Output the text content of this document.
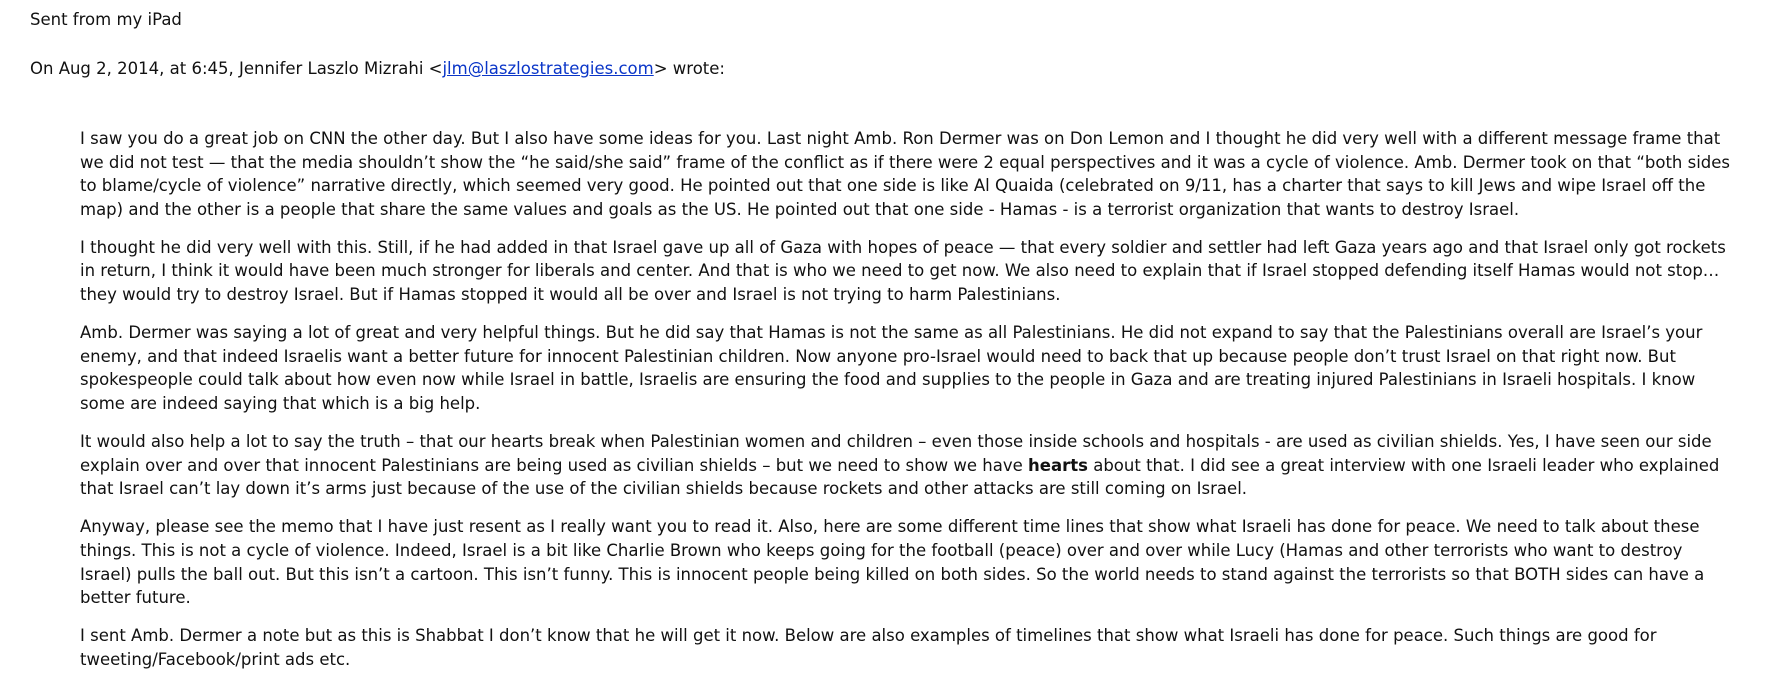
Sent from my iPad
On Aug 2, 2014, at 6:45, Jennifer Laszlo Mizrahi <jlm@laszlostrategies.com> wrote:

I saw you do a great job on CNN the other day. But I also have some ideas for you. Last night Amb. Ron Dermer was on Don Lemon and I thought he did very well with a different message frame that we did not test — that the media shouldn’t show the “he said/she said” frame of the conflict as if there were 2 equal perspectives and it was a cycle of violence. Amb. Dermer took on that “both sides to blame/cycle of violence” narrative directly, which seemed very good. He pointed out that one side is like Al Quaida (celebrated on 9/11, has a charter that says to kill Jews and wipe Israel off the map) and the other is a people that share the same values and goals as the US. He pointed out that one side - Hamas - is a terrorist organization that wants to destroy Israel.

I thought he did very well with this. Still, if he had added in that Israel gave up all of Gaza with hopes of peace — that every soldier and settler had left Gaza years ago and that Israel only got rockets in return, I think it would have been much stronger for liberals and center. And that is who we need to get now. We also need to explain that if Israel stopped defending itself Hamas would not stop…they would try to destroy Israel. But if Hamas stopped it would all be over and Israel is not trying to harm Palestinians.

Amb. Dermer was saying a lot of great and very helpful things. But he did say that Hamas is not the same as all Palestinians. He did not expand to say that the Palestinians overall are Israel’s your enemy, and that indeed Israelis want a better future for innocent Palestinian children. Now anyone pro-Israel would need to back that up because people don’t trust Israel on that right now. But spokespeople could talk about how even now while Israel in battle, Israelis are ensuring the food and supplies to the people in Gaza and are treating injured Palestinians in Israeli hospitals. I know some are indeed saying that which is a big help.

It would also help a lot to say the truth – that our hearts break when Palestinian women and children – even those inside schools and hospitals - are used as civilian shields. Yes, I have seen our side explain over and over that innocent Palestinians are being used as civilian shields – but we need to show we have hearts about that. I did see a great interview with one Israeli leader who explained that Israel can’t lay down it’s arms just because of the use of the civilian shields because rockets and other attacks are still coming on Israel.

Anyway, please see the memo that I have just resent as I really want you to read it. Also, here are some different time lines that show what Israeli has done for peace. We need to talk about these things. This is not a cycle of violence. Indeed, Israel is a bit like Charlie Brown who keeps going for the football (peace) over and over while Lucy (Hamas and other terrorists who want to destroy Israel) pulls the ball out. But this isn’t a cartoon. This isn’t funny. This is innocent people being killed on both sides. So the world needs to stand against the terrorists so that BOTH sides can have a better future.

I sent Amb. Dermer a note but as this is Shabbat I don’t know that he will get it now. Below are also examples of timelines that show what Israeli has done for peace. Such things are good for tweeting/Facebook/print ads etc.
